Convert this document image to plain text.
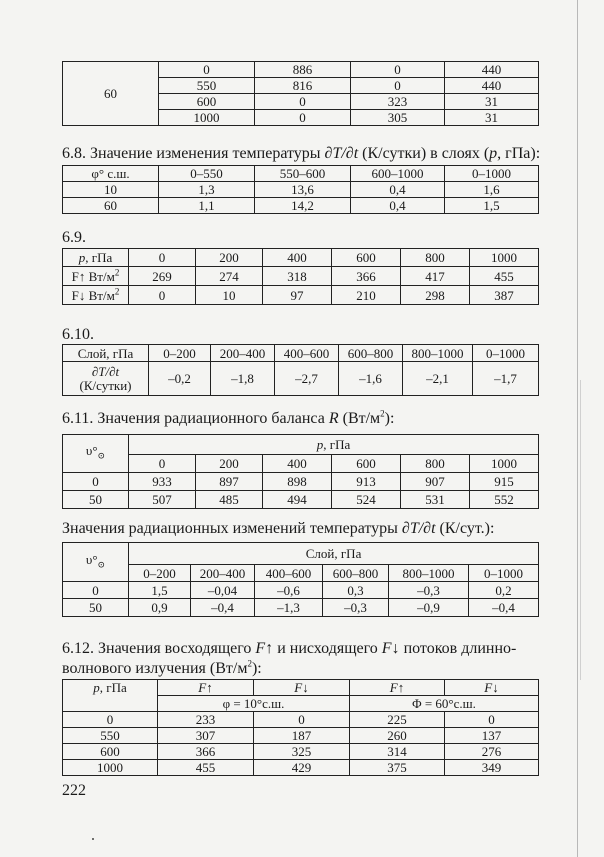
60	0	886	0	440
	550	816	0	440
	600	0	323	31
	1000	0	305	31
6.8. Значение изменения температуры ∂T/∂t (К/сутки) в слоях (p, гПа):
φ° с.ш.	0–550	550–600	600–1000	0–1000
10	1,3	13,6	0,4	1,6
60	1,1	14,2	0,4	1,5
6.9.
p, гПа	0	200	400	600	800	1000
F↑ $Вт/м^2$	269	274	318	366	417	455
F↓ $Вт/м^2$	0	10	97	210	298	387
6.10.
Слой, гПа	0–200	200–400	400–600	600–800	800–1000	0–1000
∂T/∂t
(К/сутки)	–0,2	–1,8	–2,7	–1,6	–2,1	–1,7
6.11. Значения радиационного баланса R $(Вт/м^2)$:
$\upsilon^\circ_⊙$	p, гПа					
	0	200	400	600	800	1000
0	933	897	898	913	907	915
50	507	485	494	524	531	552
Значения радиационных изменений температуры ∂T/∂t (К/сут.):
$\upsilon^\circ_⊙$	Слой, гПа					
	0–200	200–400	400–600	600–800	800–1000	0–1000
0	1,5	–0,04	–0,6	0,3	–0,3	0,2
50	0,9	–0,4	–1,3	–0,3	–0,9	–0,4
6.12. Значения восходящего F↑ и нисходящего F↓ потоков длинно-
волнового излучения $(Вт/м^2)$:
p, гПа	F↑	F↓	F↑	F↓
	φ = 10°с.ш.		Φ = 60°с.ш.	
0	233	0	225	0
550	307	187	260	137
600	366	325	314	276
1000	455	429	375	349
222
